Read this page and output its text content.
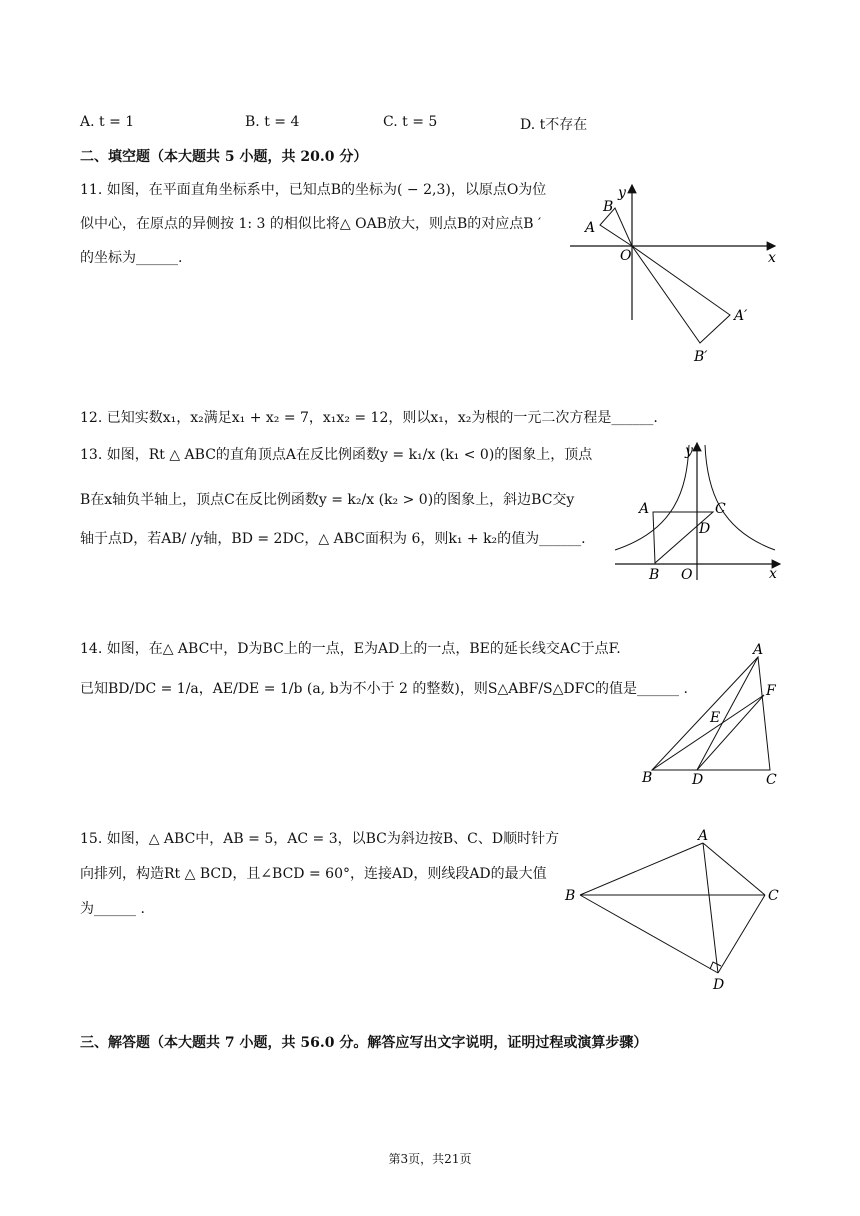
A. t = 1	B. t = 4	C. t = 5	D. t不存在
二、填空题（本大题共 5 小题，共 20.0 分）
11. 如图，在平面直角坐标系中，已知点B的坐标为( − 2,3)，以原点O为位
似中心，在原点的异侧按 1: 3 的相似比将△ OAB放大，则点B的对应点B ′
的坐标为______.
y
x
O
A
B
A′
B′
12. 已知实数x₁，x₂满足x₁ + x₂ = 7，x₁x₂ = 12，则以x₁，x₂为根的一元二次方程是______.
13. 如图，Rt △ ABC的直角顶点A在反比例函数y = k₁/x (k₁ < 0)的图象上，顶点
B在x轴负半轴上，顶点C在反比例函数y = k₂/x (k₂ > 0)的图象上，斜边BC交y
轴于点D，若AB/ /y轴，BD = 2DC，△ ABC面积为 6，则k₁ + k₂的值为______.
y
x
A
B
C
D
O
14. 如图，在△ ABC中，D为BC上的一点，E为AD上的一点，BE的延长线交AC于点F.
已知BD/DC = 1/a，AE/DE = 1/b (a, b为不小于 2 的整数)，则S△ABF/S△DFC的值是______ .
A
B	C
D
E
F
15. 如图，△ ABC中，AB = 5，AC = 3，以BC为斜边按B、C、D顺时针方
向排列，构造Rt △ BCD，且∠BCD = 60°，连接AD，则线段AD的最大值
为______ .
A
B	C
D
三、解答题（本大题共 7 小题，共 56.0 分。解答应写出文字说明，证明过程或演算步骤）
第3页，共21页
